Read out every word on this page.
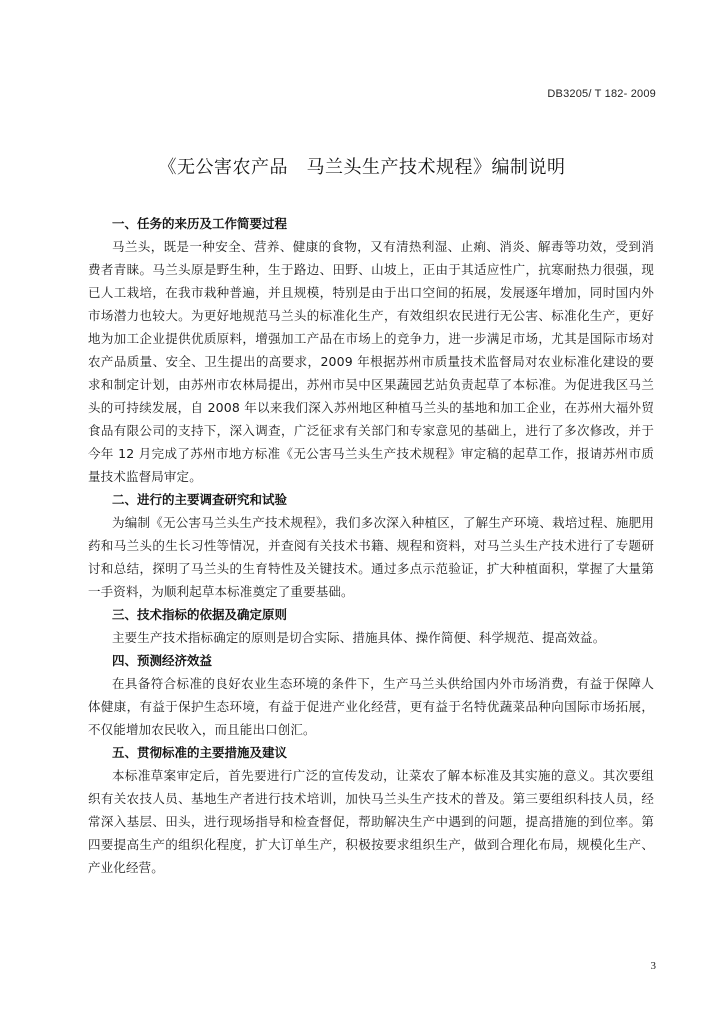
DB3205/ T 182- 2009
《无公害农产品　马兰头生产技术规程》编制说明

一、任务的来历及工作简要过程

马兰头，既是一种安全、营养、健康的食物，又有清热利湿、止痢、消炎、解毒等功效，受到消费者青睐。马兰头原是野生种，生于路边、田野、山坡上，正由于其适应性广，抗寒耐热力很强，现已人工栽培，在我市栽种普遍，并且规模，特别是由于出口空间的拓展，发展逐年增加，同时国内外市场潜力也较大。为更好地规范马兰头的标准化生产，有效组织农民进行无公害、标准化生产，更好地为加工企业提供优质原料，增强加工产品在市场上的竞争力，进一步满足市场，尤其是国际市场对农产品质量、安全、卫生提出的高要求，2009 年根据苏州市质量技术监督局对农业标准化建设的要求和制定计划，由苏州市农林局提出，苏州市吴中区果蔬园艺站负责起草了本标准。为促进我区马兰头的可持续发展，自 2008 年以来我们深入苏州地区种植马兰头的基地和加工企业，在苏州大福外贸食品有限公司的支持下，深入调查，广泛征求有关部门和专家意见的基础上，进行了多次修改，并于今年 12 月完成了苏州市地方标准《无公害马兰头生产技术规程》审定稿的起草工作，报请苏州市质量技术监督局审定。

二、进行的主要调查研究和试验

为编制《无公害马兰头生产技术规程》，我们多次深入种植区，了解生产环境、栽培过程、施肥用药和马兰头的生长习性等情况，并查阅有关技术书籍、规程和资料，对马兰头生产技术进行了专题研讨和总结，探明了马兰头的生育特性及关键技术。通过多点示范验证，扩大种植面积，掌握了大量第一手资料，为顺利起草本标准奠定了重要基础。

三、技术指标的依据及确定原则

主要生产技术指标确定的原则是切合实际、措施具体、操作简便、科学规范、提高效益。

四、预测经济效益

在具备符合标准的良好农业生态环境的条件下，生产马兰头供给国内外市场消费，有益于保障人体健康，有益于保护生态环境，有益于促进产业化经营，更有益于名特优蔬菜品种向国际市场拓展，不仅能增加农民收入，而且能出口创汇。

五、贯彻标准的主要措施及建议

本标准草案审定后，首先要进行广泛的宣传发动，让菜农了解本标准及其实施的意义。其次要组织有关农技人员、基地生产者进行技术培训，加快马兰头生产技术的普及。第三要组织科技人员，经常深入基层、田头，进行现场指导和检查督促，帮助解决生产中遇到的问题，提高措施的到位率。第四要提高生产的组织化程度，扩大订单生产，积极按要求组织生产，做到合理化布局，规模化生产、产业化经营。

3
